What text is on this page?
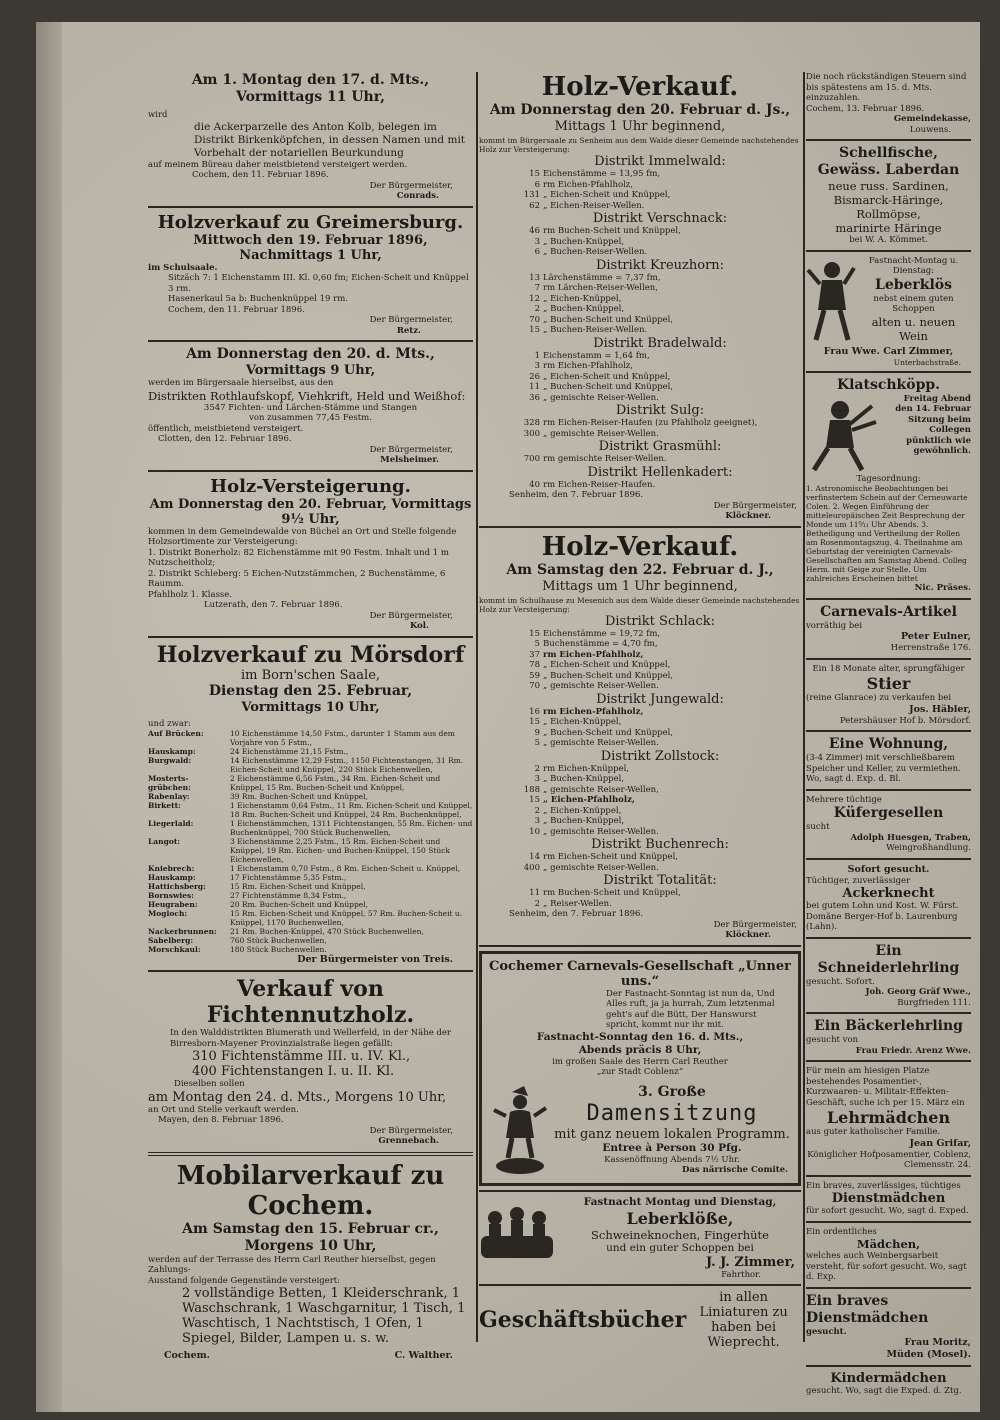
Am 1. Montag den 17. d. Mts.,
Vormittags 11 Uhr,
wird
die Ackerparzelle des Anton Kolb, belegen im Distrikt Birkenköpfchen, in dessen Namen und mit Vorbehalt der notariellen Beurkundung
auf meinem Büreau daher meistbietend versteigert werden.
Cochem, den 11. Februar 1896.
Der Bürgermeister,
Conrads.
Holzverkauf zu Greimersburg.
Mittwoch den 19. Februar 1896, Nachmittags 1 Uhr,
im Schulsaale.
Sitzäch 7: 1 Eichenstamm III. Kl. 0,60 fm; Eichen-Scheit und Knüppel 3 rm.
Hasenerkaul 5a b: Buchenknüppel 19 rm.
Cochem, den 11. Februar 1896.
Der Bürgermeister,
Retz.
Am Donnerstag den 20. d. Mts.,
Vormittags 9 Uhr,
werden im Bürgersaale hierselbst, aus den
Distrikten Rothlaufskopf, Viehkrift, Held und Weißhof:
3547 Fichten- und Lärchen-Stämme und Stangen
von zusammen 77,45 Festm.
öffentlich, meistbietend versteigert.
Clotten, den 12. Februar 1896.
Der Bürgermeister,
Melsheimer.
Holz-Versteigerung.
Am Donnerstag den 20. Februar, Vormittags 9½ Uhr,
kommen in dem Gemeindewalde von Büchel an Ort und Stelle folgende Holzsortimente zur Versteigerung:
1. Distrikt Bonerholz: 82 Eichenstämme mit 90 Festm. Inhalt und 1 m Nutzscheitholz;
2. Distrikt Schleberg: 5 Eichen-Nutzstämmchen, 2 Buchenstämme, 6 Raumm.
Pfahlholz 1. Klasse.
Lutzerath, den 7. Februar 1896.
Der Bürgermeister,
Kol.
Holzverkauf zu Mörsdorf
im Born'schen Saale,
Dienstag den 25. Februar,
Vormittags 10 Uhr,
und zwar:
Auf Brücken:	10 Eichenstämme 14,50 Fstm., darunter 1 Stamm aus dem Vorjahre von 5 Fstm.,
Hauskamp:	24 Eichenstämme 21,15 Fstm.,
Burgwald:	14 Eichenstämme 12,29 Fstm., 1150 Fichtenstangen, 31 Rm. Eichen-Scheit und Knüppel, 220 Stück Eichenwellen,
Mostertsgrübchen:
2 Eichenstämme 6,56 Fstm., 34 Rm. Eichen-Scheit und Knüppel, 15 Rm. Buchen-Scheit und Knüppel,
Rabenlay:	39 Rm. Buchen-Scheit und Knüppel,
Birkett:	1 Eichenstamm 0,64 Fstm., 11 Rm. Eichen-Scheit und Knüppel, 18 Rm. Buchen-Scheit und Knüppel, 24 Rm. Buchenknüppel,
Liegerlald:	1 Eichenstämmchen, 1311 Fichtenstangen, 55 Rm. Eichen- und Buchenknüppel, 700 Stück Buchenwellen,
Langot:	3 Eichenstämme 2,25 Fstm., 15 Rm. Eichen-Scheit und Knüppel, 19 Rm. Eichen- und Buchen-Knüppel, 150 Stück Eichenwellen,
Kniebrech:	1 Eichenstamm 0,70 Fstm., 8 Rm. Eichen-Scheit u. Knüppel,
Hauskamp:	17 Fichtenstämme 5,35 Fstm.,
Hattichsberg:	15 Rm. Eichen-Scheit und Knüppel,
Bornswies:	27 Fichtenstämme 8,34 Fstm.,
Heugraben:	20 Rm. Buchen-Scheit und Knüppel,
Mogloch:	15 Rm. Eichen-Scheit und Knüppel, 57 Rm. Buchen-Scheit u. Knüppel, 1170 Buchenwellen,
Nackerbrunnen:	21 Rm. Buchen-Knüppel, 470 Stück Buchenwellen,
Sabelberg:	760 Stück Buchenwellen,
Morschkaul:	180 Stück Buchenwellen.
Der Bürgermeister von Treis.
Verkauf von Fichtennutzholz.
In den Walddistrikten Blumerath und Wellerfeld, in der Nähe der Birresborn-Mayener Provinzialstraße liegen gefällt:
310 Fichtenstämme III. u. IV. Kl.,
400 Fichtenstangen I. u. II. Kl.
Dieselben sollen
am Montag den 24. d. Mts., Morgens 10 Uhr,
an Ort und Stelle verkauft werden.
Mayen, den 8. Februar 1896.
Der Bürgermeister,
Grennebach.
Mobilarverkauf zu Cochem.
Am Samstag den 15. Februar cr.,
Morgens 10 Uhr,
werden auf der Terrasse des Herrn Carl Reuther hierselbst, gegen Zahlungs-
Ausstand folgende Gegenstände versteigert:
2 vollständige Betten, 1 Kleiderschrank, 1 Waschschrank, 1 Waschgarnitur, 1 Tisch, 1 Waschtisch, 1 Nachtstisch, 1 Ofen, 1 Spiegel, Bilder, Lampen u. s. w.
Cochem.	C. Walther.
Holz-Verkauf.
Am Donnerstag den 20. Februar d. Js.,
Mittags 1 Uhr beginnend,
kommt im Bürgersaale zu Senheim aus dem Walde dieser Gemeinde nachstehendes Holz zur Versteigerung:
Distrikt Immelwald:
15 Eichenstämme = 13,95 fm,
6 rm Eichen-Pfahlholz,
131 „ Eichen-Scheit und Knüppel,
62 „ Eichen-Reiser-Wellen.
Distrikt Verschnack:
46 rm Buchen-Scheit und Knüppel,
3 „ Buchen-Knüppel,
6 „ Buchen-Reiser-Wellen.
Distrikt Kreuzhorn:
13 Lärchenstämme = 7,37 fm,
7 rm Lärchen-Reiser-Wellen,
12 „ Eichen-Knüppel,
2 „ Buchen-Knüppel,
70 „ Buchen-Scheit und Knüppel,
15 „ Buchen-Reiser-Wellen.
Distrikt Bradelwald:
1 Eichenstamm = 1,64 fm,
3 rm Eichen-Pfahlholz,
26 „ Eichen-Scheit und Knüppel,
11 „ Buchen-Scheit und Knüppel,
36 „ gemischte Reiser-Wellen.
Distrikt Sulg:
328 rm Eichen-Reiser-Haufen (zu Pfahlholz geeignet),
300 „ gemischte Reiser-Wellen.
Distrikt Grasmühl:
700 rm gemischte Reiser-Wellen.
Distrikt Hellenkadert:
40 rm Eichen-Reiser-Haufen.
Senheim, den 7. Februar 1896.
Der Bürgermeister,
Klöckner.
Holz-Verkauf.
Am Samstag den 22. Februar d. J.,
Mittags um 1 Uhr beginnend,
kommt im Schulhause zu Mesenich aus dem Walde dieser Gemeinde nachstehendes Holz zur Versteigerung:
Distrikt Schlack:
15 Eichenstämme = 19,72 fm,
5 Buchenstämme = 4,70 fm,
37 rm Eichen-Pfahlholz,
78 „ Eichen-Scheit und Knüppel,
59 „ Buchen-Scheit und Knüppel,
70 „ gemischte Reiser-Wellen.
Distrikt Jungewald:
16 rm Eichen-Pfahlholz,
15 „ Eichen-Knüppel,
9 „ Buchen-Scheit und Knüppel,
5 „ gemischte Reiser-Wellen.
Distrikt Zollstock:
2 rm Eichen-Knüppel,
3 „ Buchen-Knüppel,
188 „ gemischte Reiser-Wellen,
15 „ Eichen-Pfahlholz,
2 „ Eichen-Knüppel,
3 „ Buchen-Knüppel,
10 „ gemischte Reiser-Wellen.
Distrikt Buchenrech:
14 rm Eichen-Scheit und Knüppel,
400 „ gemischte Reiser-Wellen.
Distrikt Totalität:
11 rm Buchen-Scheit und Knüppel,
2 „ Reiser-Wellen.
Senheim, den 7. Februar 1896.
Der Bürgermeister,
Klöckner.
Cochemer Carnevals-Gesellschaft „Unner uns.“
Der Fastnacht-Sonntag ist nun da, Und Alles ruft, ja ja hurrah, Zum letztenmal geht's auf die Bütt, Der Hanswurst spricht, kommt nur ihr mit.
Fastnacht-Sonntag den 16. d. Mts.,
Abends präcis 8 Uhr,
im großen Saale des Herrn Carl Reuther
„zur Stadt Coblenz“
3. Große
Damensitzung
mit ganz neuem lokalen Programm.
Entree à Person 30 Pfg.
Kassenöffnung Abends 7½ Uhr.
Das närrische Comite.
Fastnacht Montag und Dienstag,
Leberklöße,
Schweineknochen, Fingerhüte
und ein guter Schoppen bei
J. J. Zimmer,
Fahrthor.
Geschäftsbücher
in allen Liniaturen zu haben bei Wieprecht.
Die noch rückständigen Steuern sind bis spätestens am 15. d. Mts. einzuzahlen.
Cochem, 13. Februar 1896.
Gemeindekasse,
Louwens.
Schellfische,
Gewäss. Laberdan
neue russ. Sardinen,
Bismarck-Häringe,
Rollmöpse,
marinirte Häringe
bei W. A. Kömmet.
Fastnacht-Montag u. Dienstag:
Leberklös
nebst einem guten Schoppen
alten u. neuen Wein
Frau Wwe. Carl Zimmer,
Unterbachstraße.
Klatschköpp.
Freitag Abend den 14. Februar Sitzung beim Collegen pünktlich wie gewöhnlich.
Tagesordnung:
1. Astronomische Beobachtungen bei verfinstertem Schein auf der Cerneuwarte Colen. 2. Wegen Einführung der mitteleuropäischen Zeit Besprechung der Monde um 11⁰⁄₁₁ Uhr Abends. 3. Betheiligung und Vertheilung der Rollen am Rosenmontagszug. 4. Theilnahme am Geburtstag der vereinigten Carnevals-Gesellschaften am Samstag Abend. Colleg Herm. mit Geige zur Stelle. Um zahlreiches Erscheinen bittet
Nic. Präses.
Carnevals-Artikel
vorräthig bei
Peter Eulner,
Herrenstraße 176.
Ein 18 Monate alter, sprungfähiger
Stier
(reine Glanrace) zu verkaufen bei
Jos. Häbler,
Petershäuser Hof b. Mörsdorf.
Eine Wohnung,
(3-4 Zimmer) mit verschließbarem Speicher und Keller, zu vermiethen. Wo, sagt d. Exp. d. Bl.
Mehrere tüchtige
Küfergesellen
sucht
Adolph Huesgen, Traben,
Weingroßhandlung.
Sofort gesucht.
Tüchtiger, zuverlässiger
Ackerknecht
bei gutem Lohn und Kost. W. Fürst. Domäne Berger-Hof b. Laurenburg (Lahn).
Ein Schneiderlehrling
gesucht. Sofort.
Joh. Georg Gräf Wwe.,
Burgfrieden 111.
Ein Bäckerlehrling
gesucht von
Frau Friedr. Arenz Wwe.
Für mein am hiesigen Platze bestehendes Posamentier-, Kurzwaaren- u. Militair-Effekten-Geschäft, suche ich per 15. März ein
Lehrmädchen
aus guter katholischer Familie.
Jean Grifar,
Königlicher Hofposamentier, Coblenz, Clemensstr. 24.
Ein braves, zuverlässiges, tüchtiges
Dienstmädchen
für sofort gesucht. Wo, sagt d. Exped.
Ein ordentliches
Mädchen,
welches auch Weinbergsarbeit versteht, für sofort gesucht. Wo, sagt d. Exp.
Ein braves Dienstmädchen
gesucht.
Frau Moritz,
Müden (Mosel).
Kindermädchen
gesucht. Wo, sagt die Exped. d. Ztg.
